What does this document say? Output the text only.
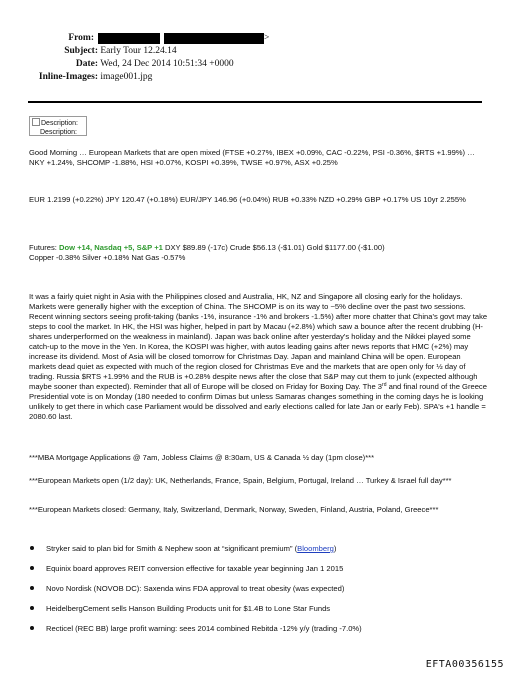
From:	>
Subject: Early Tour 12.24.14
Date: Wed, 24 Dec 2014 10:51:34 +0000
Inline-Images: image001.jpg
Description:
Description:
Good Morning … European Markets that are open mixed (FTSE +0.27%, IBEX +0.09%, CAC -0.22%, PSI -0.36%, $RTS +1.99%) … NKY +1.24%, SHCOMP -1.88%, HSI +0.07%, KOSPI +0.39%, TWSE +0.97%, ASX +0.25%
EUR 1.2199 (+0.22%) JPY 120.47 (+0.18%) EUR/JPY 146.96 (+0.04%) RUB +0.33% NZD +0.29% GBP +0.17% US 10yr 2.255%
Futures: Dow +14, Nasdaq +5, S&P +1 DXY $89.89 (-17c) Crude $56.13 (-$1.01) Gold $1177.00 (-$1.00)
Copper -0.38% Silver +0.18% Nat Gas -0.57%
It was a fairly quiet night in Asia with the Philippines closed and Australia, HK, NZ and Singapore all closing early for the holidays. Markets were generally higher with the exception of China. The SHCOMP is on its way to ~5% decline over the past two sessions. Recent winning sectors seeing profit-taking (banks -1%, insurance -1% and brokers -1.5%) after more chatter that China's govt may take steps to cool the market. In HK, the HSI was higher, helped in part by Macau (+2.8%) which saw a bounce after the recent drubbing (H-shares underperformed on the weakness in mainland). Japan was back online after yesterday's holiday and the Nikkei played some catch-up to the move in the Yen. In Korea, the KOSPI was higher, with autos leading gains after news reports that HMC (+2%) may increase its dividend. Most of Asia will be closed tomorrow for Christmas Day. Japan and mainland China will be open. European markets dead quiet as expected with much of the region closed for Christmas Eve and the markets that are open only for ½ day of trading. Russia $RTS +1.99% and the RUB is +0.28% despite news after the close that S&P may cut them to junk (expected although maybe sooner than expected). Reminder that all of Europe will be closed on Friday for Boxing Day. The 3rd and final round of the Greece Presidential vote is on Monday (180 needed to confirm Dimas but unless Samaras changes something in the coming days he is looking unlikely to get there in which case Parliament would be dissolved and early elections called for late Jan or early Feb). SPA's +1 handle = 2080.60 last.
***MBA Mortgage Applications @ 7am, Jobless Claims @ 8:30am, US & Canada ½ day (1pm close)***
***European Markets open (1/2 day): UK, Netherlands, France, Spain, Belgium, Portugal, Ireland … Turkey & Israel full day***
***European Markets closed: Germany, Italy, Switzerland, Denmark, Norway, Sweden, Finland, Austria, Poland, Greece***
Stryker said to plan bid for Smith & Nephew soon at “significant premium” (Bloomberg)
Equinix board approves REIT conversion effective for taxable year beginning Jan 1 2015
Novo Nordisk (NOVOB DC): Saxenda wins FDA approval to treat obesity (was expected)
HeidelbergCement sells Hanson Building Products unit for $1.4B to Lone Star Funds
Recticel (REC BB) large profit warning: sees 2014 combined Rebitda -12% y/y (trading -7.0%)
EFTA00356155
